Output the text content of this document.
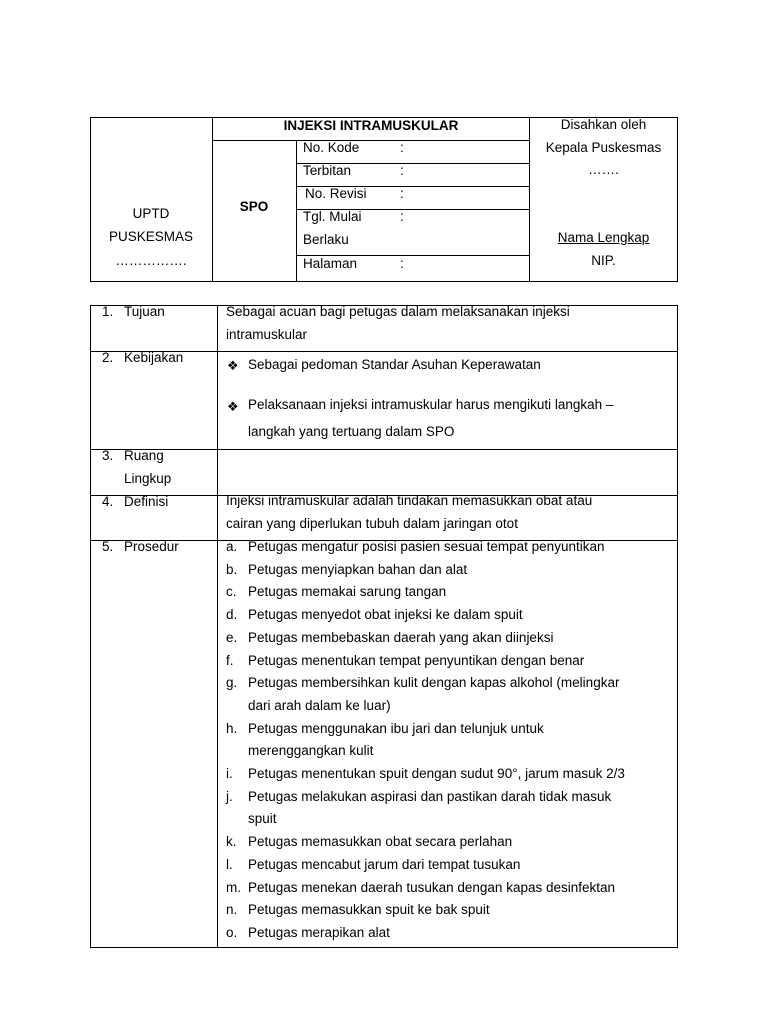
UPTD
PUSKESMAS
…………….
INJEKSI INTRAMUSKULAR
SPO
No. Kode	:
Terbitan	:
No. Revisi :
Tgl. Mulai	:
Berlaku
Halaman	:
Disahkan oleh
Kepala Puskesmas
…….
Nama Lengkap
NIP.
1. Tujuan	Sebagai acuan bagi petugas dalam melaksanakan injeksi
intramuskular
2. Kebijakan
❖ Sebagai pedoman Standar Asuhan Keperawatan
❖ Pelaksanaan injeksi intramuskular harus mengikuti langkah –
langkah yang tertuang dalam SPO
3. Ruang
Lingkup
4. Definisi	Injeksi intramuskular adalah tindakan memasukkan obat atau
cairan yang diperlukan tubuh dalam jaringan otot
5. Prosedur	a. Petugas mengatur posisi pasien sesuai tempat penyuntikan
b. Petugas menyiapkan bahan dan alat
c. Petugas memakai sarung tangan
d. Petugas menyedot obat injeksi ke dalam spuit
e. Petugas membebaskan daerah yang akan diinjeksi
f. Petugas menentukan tempat penyuntikan dengan benar
g. Petugas membersihkan kulit dengan kapas alkohol (melingkar
dari arah dalam ke luar)
h. Petugas menggunakan ibu jari dan telunjuk untuk
merenggangkan kulit
i. Petugas menentukan spuit dengan sudut 90°, jarum masuk 2/3
j. Petugas melakukan aspirasi dan pastikan darah tidak masuk
spuit
k. Petugas memasukkan obat secara perlahan
l. Petugas mencabut jarum dari tempat tusukan
m. Petugas menekan daerah tusukan dengan kapas desinfektan
n. Petugas memasukkan spuit ke bak spuit
o. Petugas merapikan alat
